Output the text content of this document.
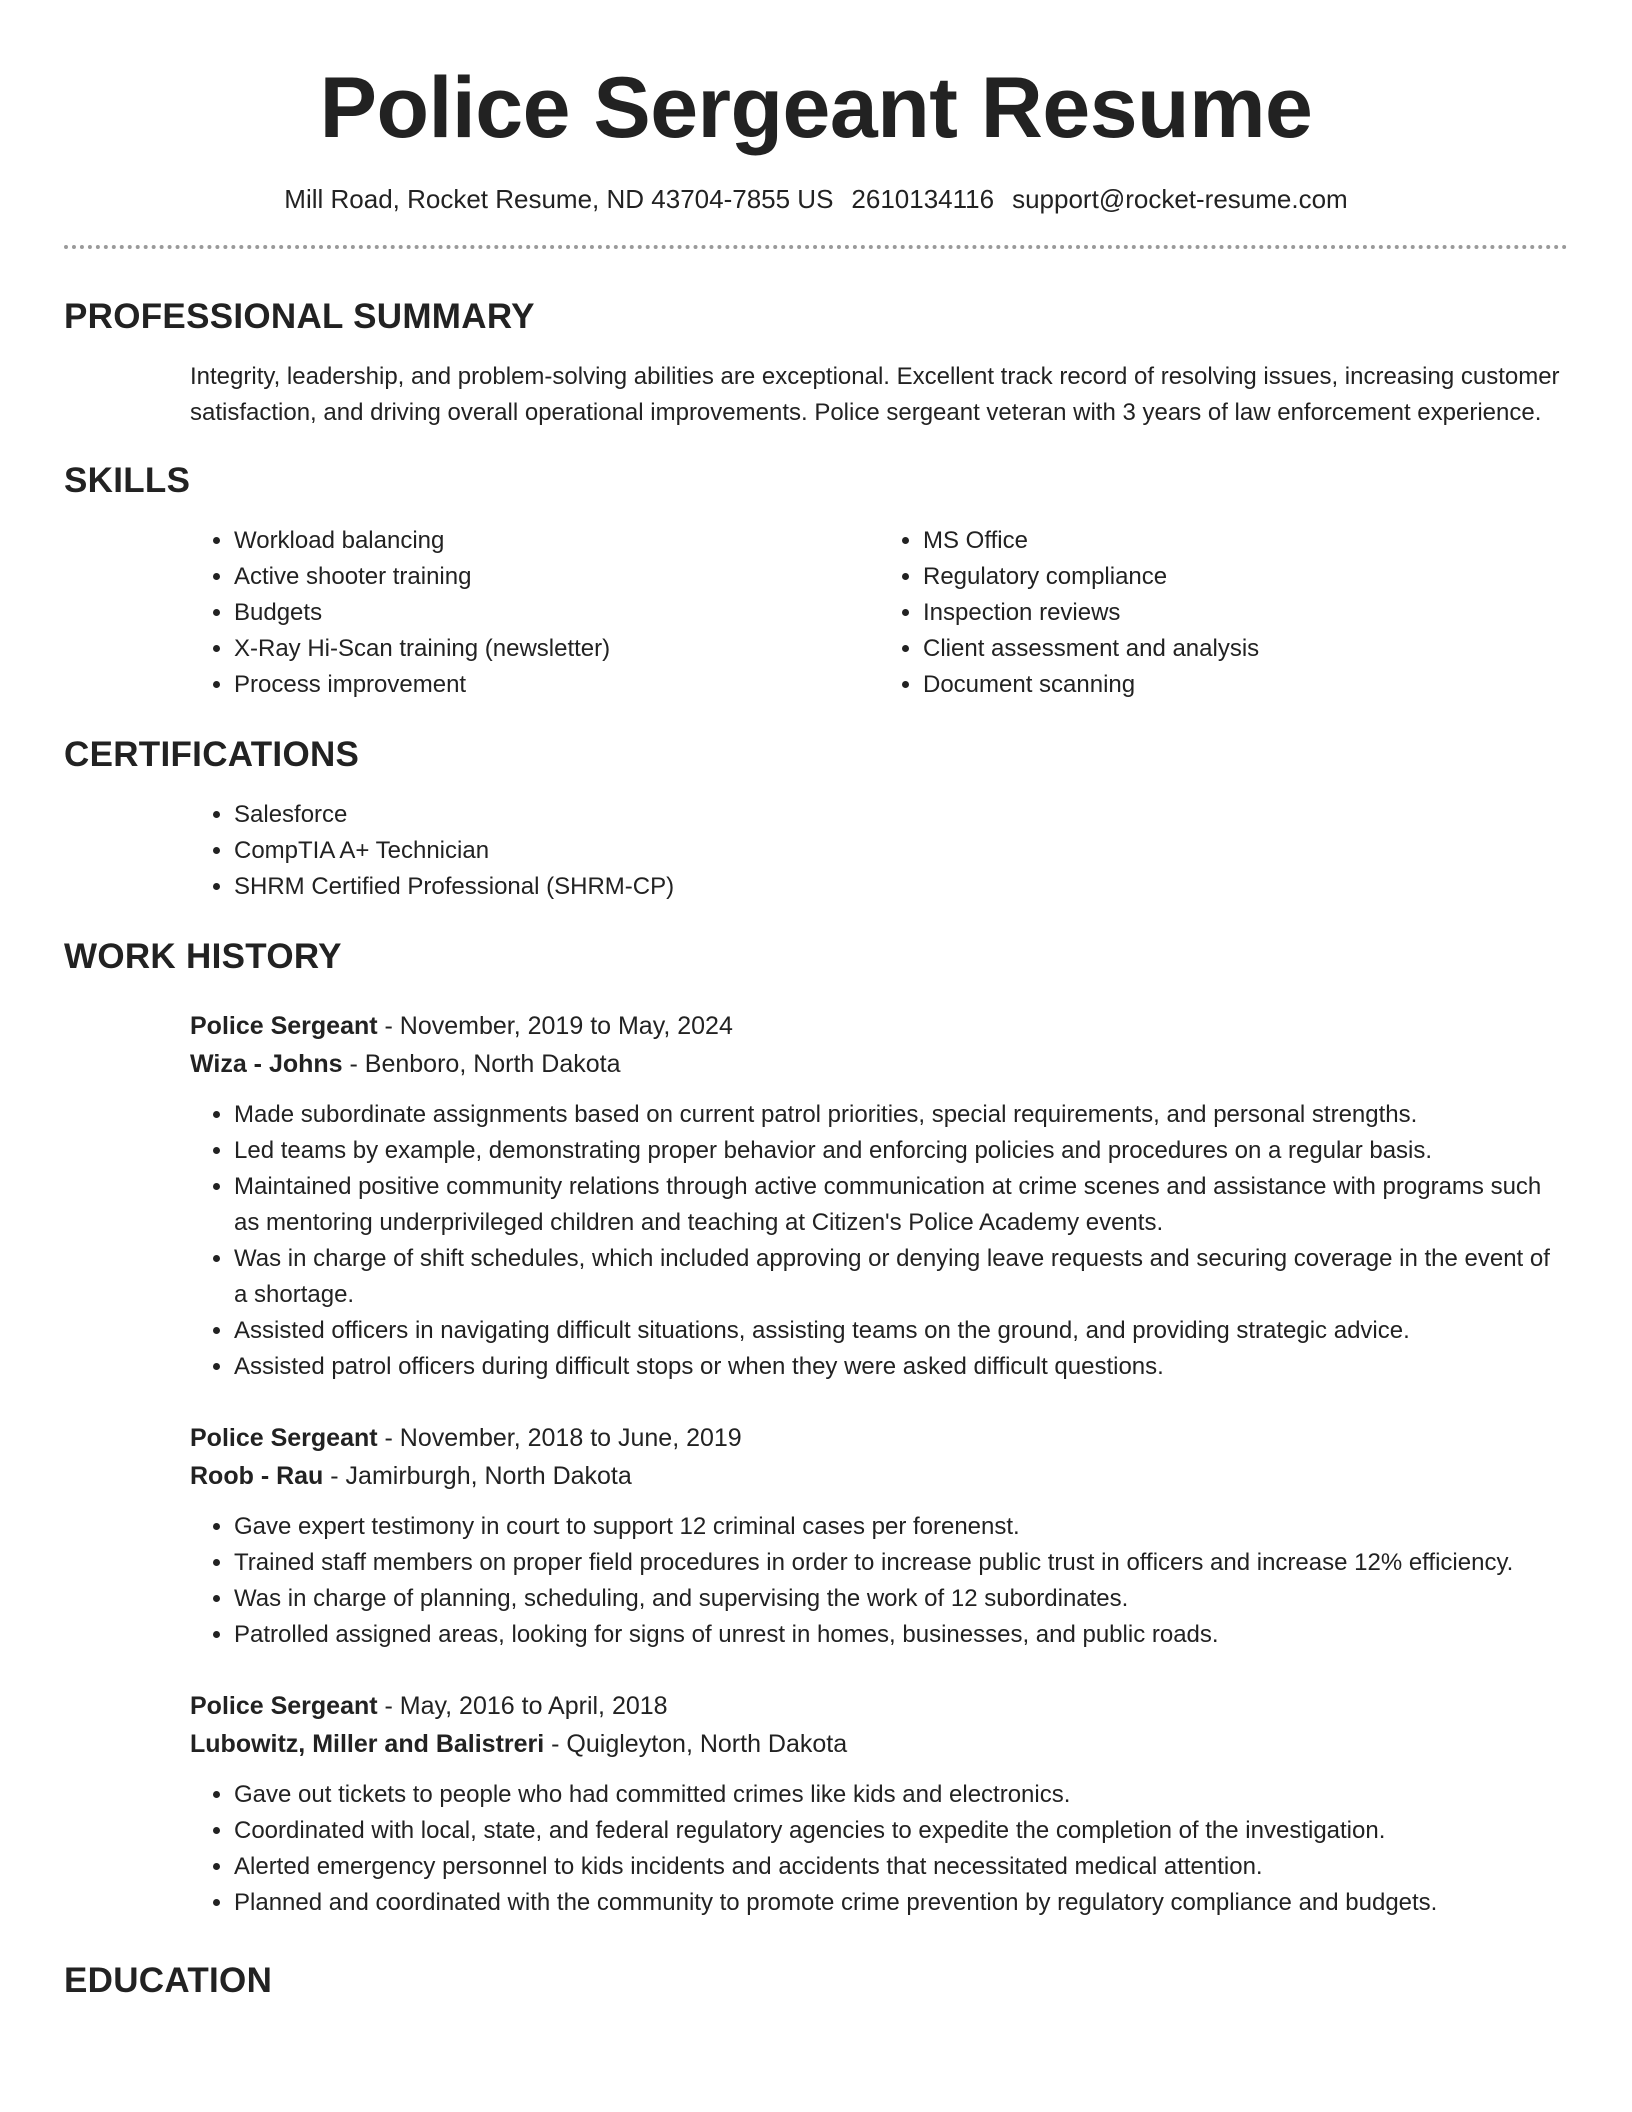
Police Sergeant Resume
Mill Road, Rocket Resume, ND 43704-7855 US 2610134116 support@rocket-resume.com
PROFESSIONAL SUMMARY
Integrity, leadership, and problem-solving abilities are exceptional. Excellent track record of resolving issues, increasing customer satisfaction, and driving overall operational improvements. Police sergeant veteran with 3 years of law enforcement experience.
SKILLS
• Workload balancing
• Active shooter training
• Budgets
• X-Ray Hi-Scan training (newsletter)
• Process improvement
• MS Office
• Regulatory compliance
• Inspection reviews
• Client assessment and analysis
• Document scanning
CERTIFICATIONS
• Salesforce
• CompTIA A+ Technician
• SHRM Certified Professional (SHRM-CP)
WORK HISTORY
Police Sergeant - November, 2019 to May, 2024
Wiza - Johns - Benboro, North Dakota
• Made subordinate assignments based on current patrol priorities, special requirements, and personal strengths.
• Led teams by example, demonstrating proper behavior and enforcing policies and procedures on a regular basis.
• Maintained positive community relations through active communication at crime scenes and assistance with programs such as mentoring underprivileged children and teaching at Citizen's Police Academy events.
• Was in charge of shift schedules, which included approving or denying leave requests and securing coverage in the event of a shortage.
• Assisted officers in navigating difficult situations, assisting teams on the ground, and providing strategic advice.
• Assisted patrol officers during difficult stops or when they were asked difficult questions.
Police Sergeant - November, 2018 to June, 2019
Roob - Rau - Jamirburgh, North Dakota
• Gave expert testimony in court to support 12 criminal cases per forenenst.
• Trained staff members on proper field procedures in order to increase public trust in officers and increase 12% efficiency.
• Was in charge of planning, scheduling, and supervising the work of 12 subordinates.
• Patrolled assigned areas, looking for signs of unrest in homes, businesses, and public roads.
Police Sergeant - May, 2016 to April, 2018
Lubowitz, Miller and Balistreri - Quigleyton, North Dakota
• Gave out tickets to people who had committed crimes like kids and electronics.
• Coordinated with local, state, and federal regulatory agencies to expedite the completion of the investigation.
• Alerted emergency personnel to kids incidents and accidents that necessitated medical attention.
• Planned and coordinated with the community to promote crime prevention by regulatory compliance and budgets.
EDUCATION
